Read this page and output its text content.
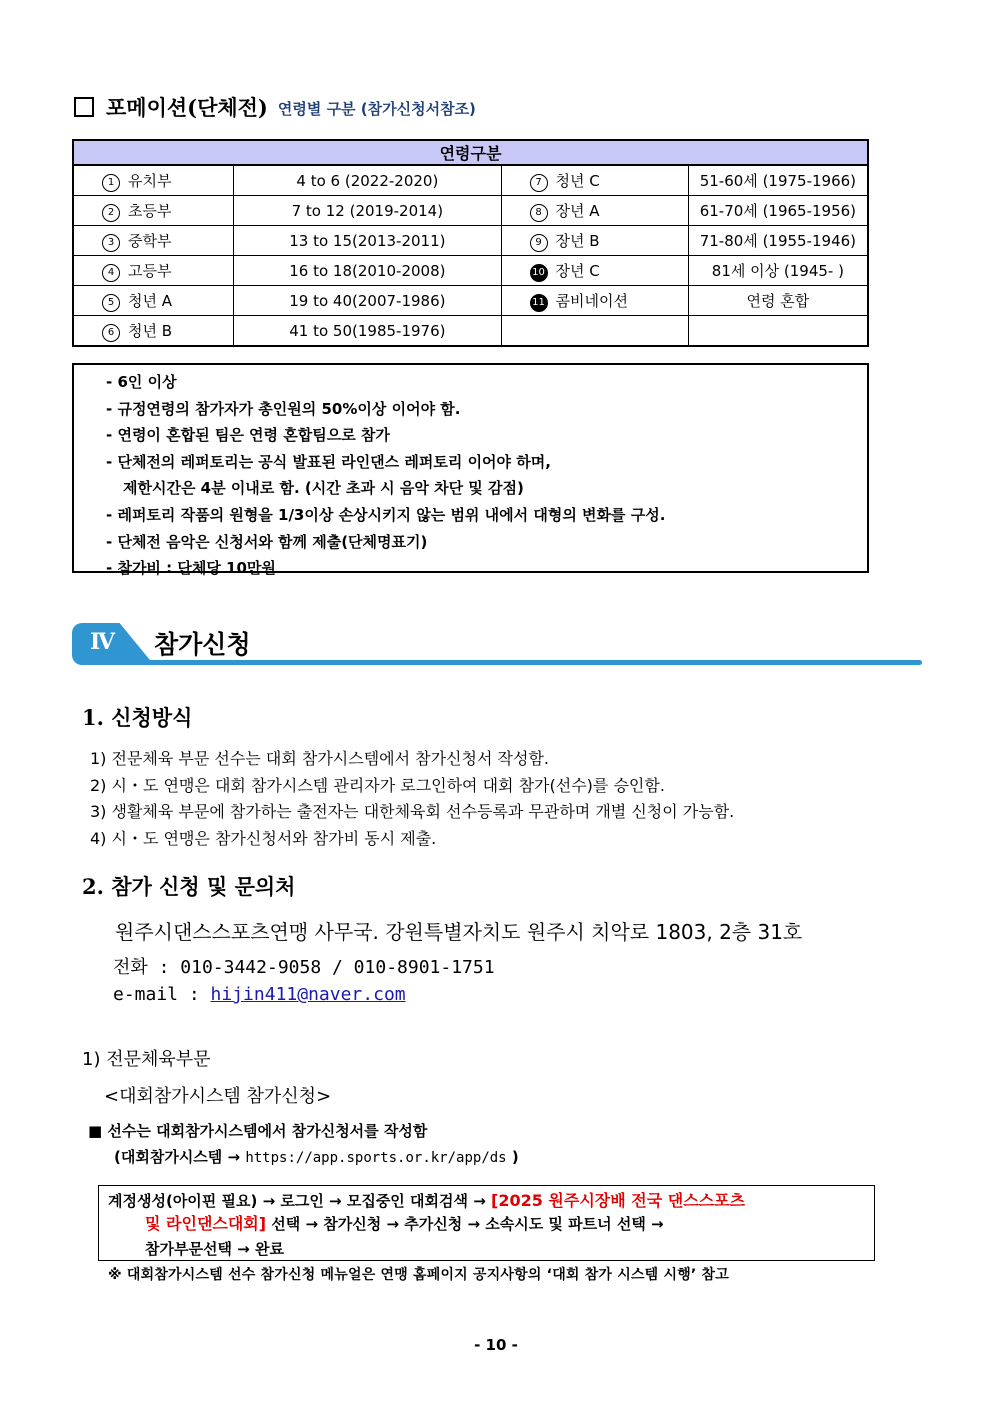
포메이션(단체전) 연령별 구분 (참가신청서참조)
연령구분			
1 유치부	4 to 6 (2022-2020)	7 청년 C	51-60세 (1975-1966)
2 초등부	7 to 12 (2019-2014)	8 장년 A	61-70세 (1965-1956)
3 중학부	13 to 15(2013-2011)	9 장년 B	71-80세 (1955-1946)
4 고등부	16 to 18(2010-2008)	10 장년 C	81세 이상 (1945- )
5 청년 A	19 to 40(2007-1986)	11 콤비네이션	연령 혼합
6 청년 B	41 to 50(1985-1976)		
- 6인 이상
- 규정연령의 참가자가 총인원의 50%이상 이어야 함.
- 연령이 혼합된 팀은 연령 혼합팀으로 참가
- 단체전의 레퍼토리는 공식 발표된 라인댄스 레퍼토리 이어야 하며,
제한시간은 4분 이내로 함. (시간 초과 시 음악 차단 및 감점)
- 레퍼토리 작품의 원형을 1/3이상 손상시키지 않는 범위 내에서 대형의 변화를 구성.
- 단체전 음악은 신청서와 함께 제출(단체명표기)
- 참가비 : 단체당 10만원
Ⅳ 참가신청
1. 신청방식
1) 전문체육 부문 선수는 대회 참가시스템에서 참가신청서 작성함.
2) 시・도 연맹은 대회 참가시스템 관리자가 로그인하여 대회 참가(선수)를 승인함.
3) 생활체육 부문에 참가하는 출전자는 대한체육회 선수등록과 무관하며 개별 신청이 가능함.
4) 시・도 연맹은 참가신청서와 참가비 동시 제출.
2. 참가 신청 및 문의처
원주시댄스스포츠연맹 사무국. 강원특별자치도 원주시 치악로 1803, 2층 31호
전화 : 010-3442-9058 / 010-8901-1751
e-mail : hijin411@naver.com
1) 전문체육부문
<대회참가시스템 참가신청>
■ 선수는 대회참가시스템에서 참가신청서를 작성함
(대회참가시스템 → https://app.sports.or.kr/app/ds )
계정생성(아이핀 필요) → 로그인 → 모집중인 대회검색 → [2025 원주시장배 전국 댄스스포츠
및 라인댄스대회] 선택 → 참가신청 → 추가신청 → 소속시도 및 파트너 선택 →
참가부문선택 → 완료
※ 대회참가시스템 선수 참가신청 메뉴얼은 연맹 홈페이지 공지사항의 ‘대회 참가 시스템 시행’ 참고
- 10 -
